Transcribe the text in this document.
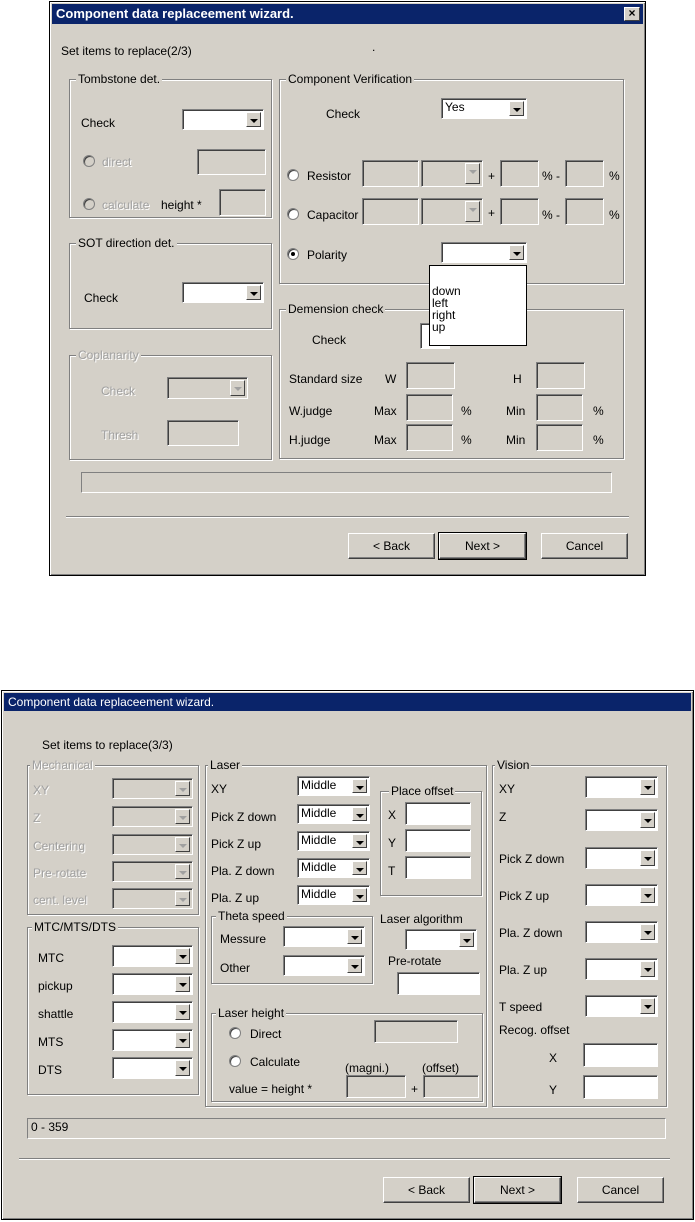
Component data replaceement wizard.	×
Set items to replace(2/3)	.
Tombstone det.
Check
direct
calculate height *
SOT direction det.
Check
Coplanarity
Check
Thresh
Component Verification
Check	Yes
Resistor	+	% -	%
Capacitor	+	% -	%
Polarity
Demension check
Check
Standard size W	H
W.judge	Max	%	Min	%
H.judge	Max	%	Min	%
down
left
right
up
< Back	Next >	Cancel
Component data replaceement wizard.
Set items to replace(3/3)
Mechanical
XY
Z
Centering
Pre-rotate
cent. level
MTC/MTS/DTS
MTC
pickup
shattle
MTS
DTS
Laser
XY	Middle
Pick Z down	Middle
Pick Z up	Middle
Pla. Z down	Middle
Pla. Z up	Middle
Place offset
X
Y
T
Theta speed
Messure
Other
Laser algorithm
Pre-rotate
Laser height
Direct
Calculate	(magni.)	(offset)
value = height *	+
Vision
XY
Z
Pick Z down
Pick Z up
Pla. Z down
Pla. Z up
T speed
Recog. offset
X
Y
0 - 359
< Back	Next >	Cancel
